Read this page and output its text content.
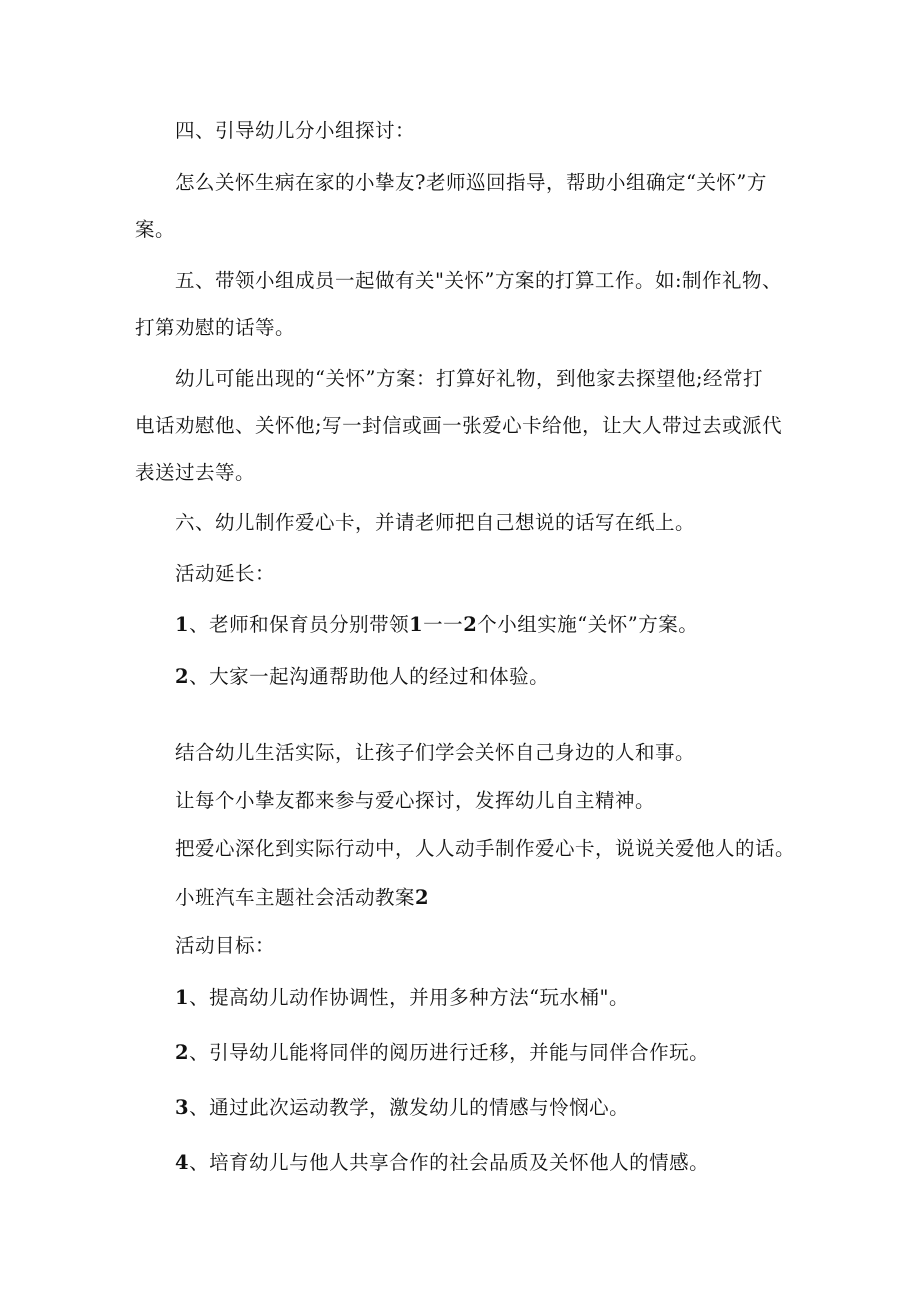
四、引导幼儿分小组探讨：
怎么关怀生病在家的小挚友?老师巡回指导，帮助小组确定“关怀”方
案。
五、带领小组成员一起做有关"关怀”方案的打算工作。如:制作礼物、
打第劝慰的话等。
幼儿可能出现的“关怀”方案：打算好礼物，到他家去探望他;经常打
电话劝慰他、关怀他;写一封信或画一张爱心卡给他，让大人带过去或派代
表送过去等。
六、幼儿制作爱心卡，并请老师把自己想说的话写在纸上。
活动延长：
1、老师和保育员分别带领1一一2个小组实施“关怀”方案。
2、大家一起沟通帮助他人的经过和体验。
结合幼儿生活实际，让孩子们学会关怀自己身边的人和事。
让每个小挚友都来参与爱心探讨，发挥幼儿自主精神。
把爱心深化到实际行动中，人人动手制作爱心卡，说说关爱他人的话。
小班汽车主题社会活动教案2
活动目标：
1、提高幼儿动作协调性，并用多种方法“玩水桶"。
2、引导幼儿能将同伴的阅历进行迁移，并能与同伴合作玩。
3、通过此次运动教学，激发幼儿的情感与怜悯心。
4、培育幼儿与他人共享合作的社会品质及关怀他人的情感。
